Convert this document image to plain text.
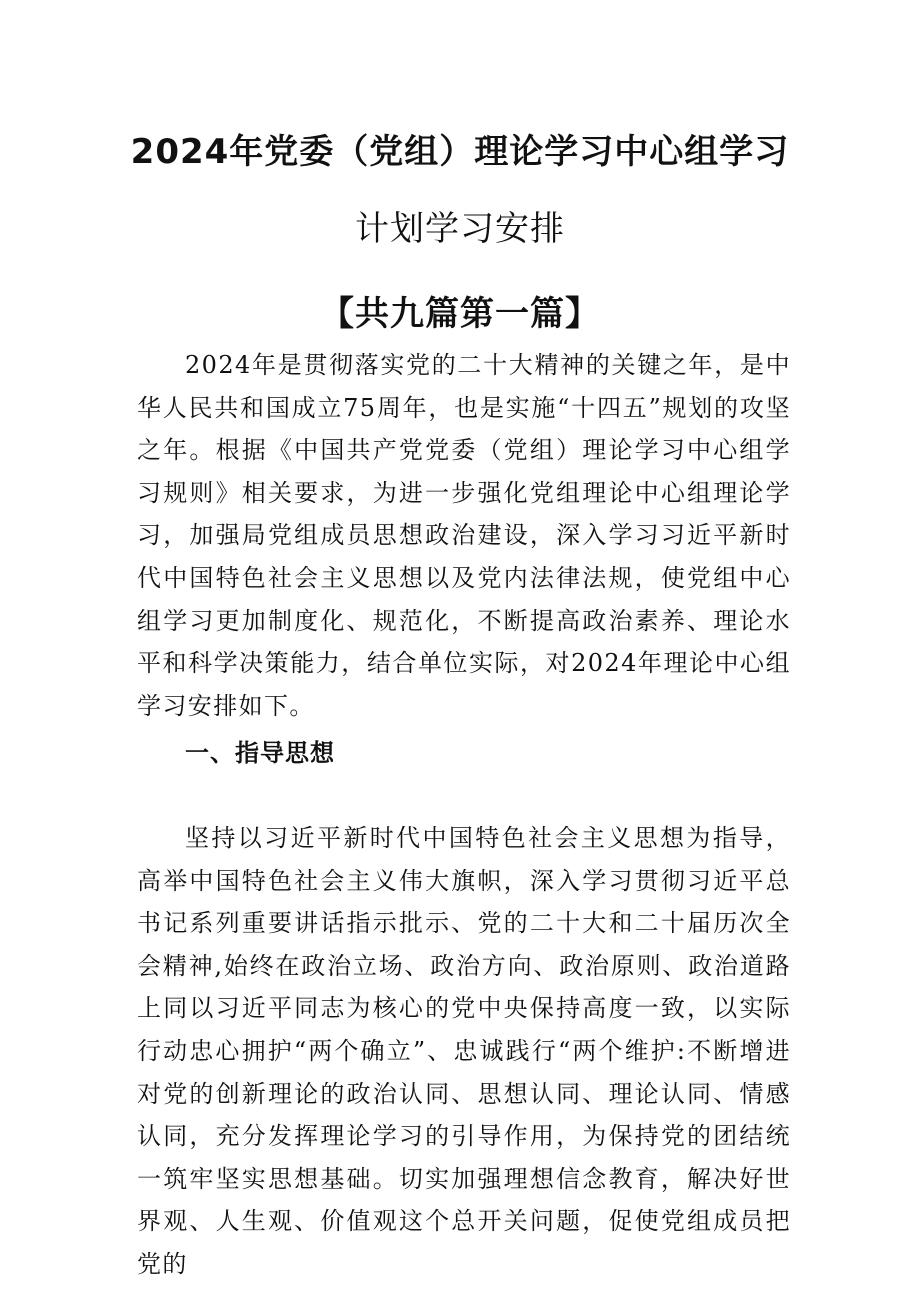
2024年党委（党组）理论学习中心组学习
计划学习安排
【共九篇第一篇】

2024年是贯彻落实党的二十大精神的关键之年，是中华人民共和国成立75周年，也是实施“十四五”规划的攻坚之年。根据《中国共产党党委（党组）理论学习中心组学习规则》相关要求，为进一步强化党组理论中心组理论学习，加强局党组成员思想政治建设，深入学习习近平新时代中国特色社会主义思想以及党内法律法规，使党组中心组学习更加制度化、规范化，不断提高政治素养、理论水平和科学决策能力，结合单位实际，对2024年理论中心组学习安排如下。

一、指导思想

坚持以习近平新时代中国特色社会主义思想为指导，高举中国特色社会主义伟大旗帜，深入学习贯彻习近平总书记系列重要讲话指示批示、党的二十大和二十届历次全会精神,始终在政治立场、政治方向、政治原则、政治道路上同以习近平同志为核心的党中央保持高度一致，以实际行动忠心拥护“两个确立”、忠诚践行“两个维护:不断增进对党的创新理论的政治认同、思想认同、理论认同、情感认同，充分发挥理论学习的引导作用，为保持党的团结统一筑牢坚实思想基础。切实加强理想信念教育，解决好世界观、人生观、价值观这个总开关问题，促使党组成员把党的
